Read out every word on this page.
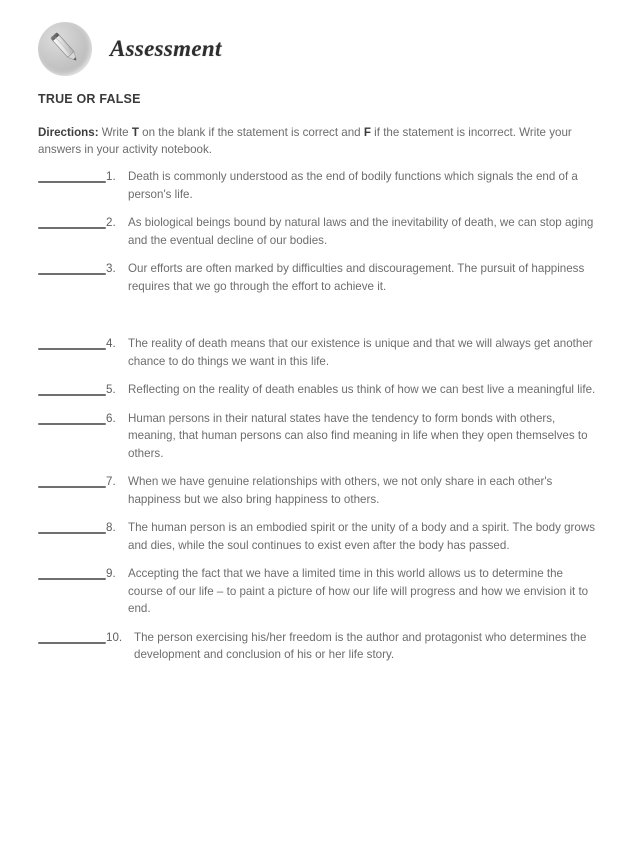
Assessment
TRUE OR FALSE

Directions: Write T on the blank if the statement is correct and F if the statement is incorrect. Write your answers in your activity notebook.

1.	Death is commonly understood as the end of bodily functions which signals the end of a person's life.
2.	As biological beings bound by natural laws and the inevitability of death, we can stop aging and the eventual decline of our bodies.
3.	Our efforts are often marked by difficulties and discouragement. The pursuit of happiness requires that we go through the effort to achieve it.
4.	The reality of death means that our existence is unique and that we will always get another chance to do things we want in this life.
5.	Reflecting on the reality of death enables us think of how we can best live a meaningful life.
6.	Human persons in their natural states have the tendency to form bonds with others, meaning, that human persons can also find meaning in life when they open themselves to others.
7.	When we have genuine relationships with others, we not only share in each other's happiness but we also bring happiness to others.
8.	The human person is an embodied spirit or the unity of a body and a spirit. The body grows and dies, while the soul continues to exist even after the body has passed.
9.	Accepting the fact that we have a limited time in this world allows us to determine the course of our life – to paint a picture of how our life will progress and how we envision it to end.
10.	The person exercising his/her freedom is the author and protagonist who determines the development and conclusion of his or her life story.
